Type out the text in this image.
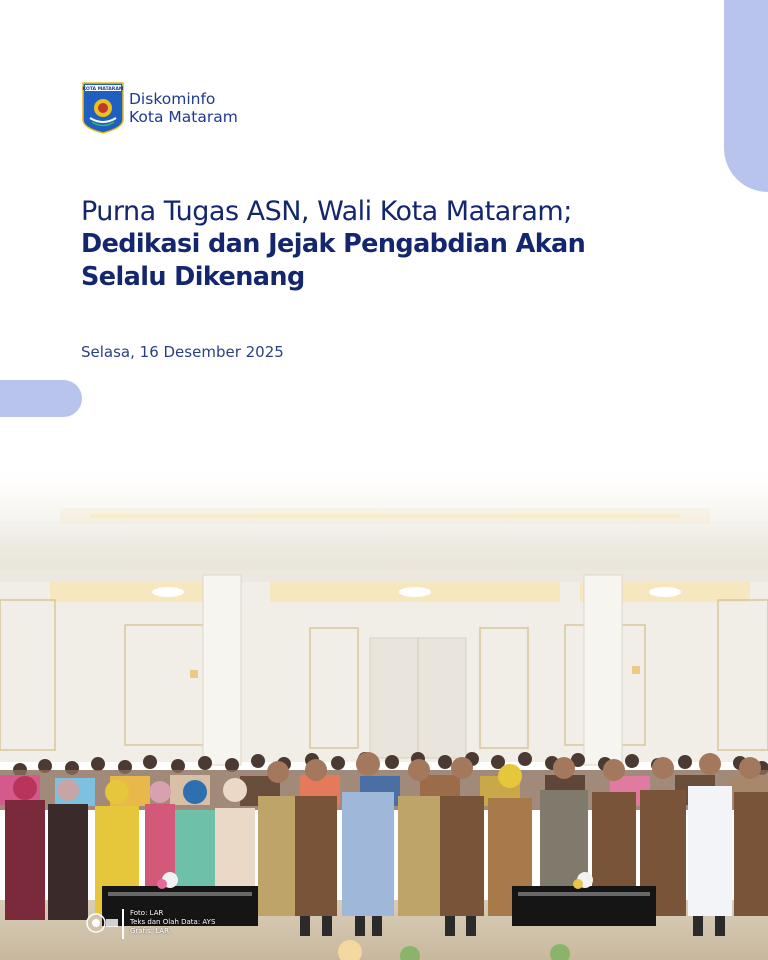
KOTA MATARAM
Diskominfo
Kota Mataram
Purna Tugas ASN, Wali Kota Mataram;
Dedikasi dan Jejak Pengabdian Akan
Selalu Dikenang
Selasa, 16 Desember 2025
Foto: LAR
Teks dan Olah Data: AYS
Grafis: LAR
